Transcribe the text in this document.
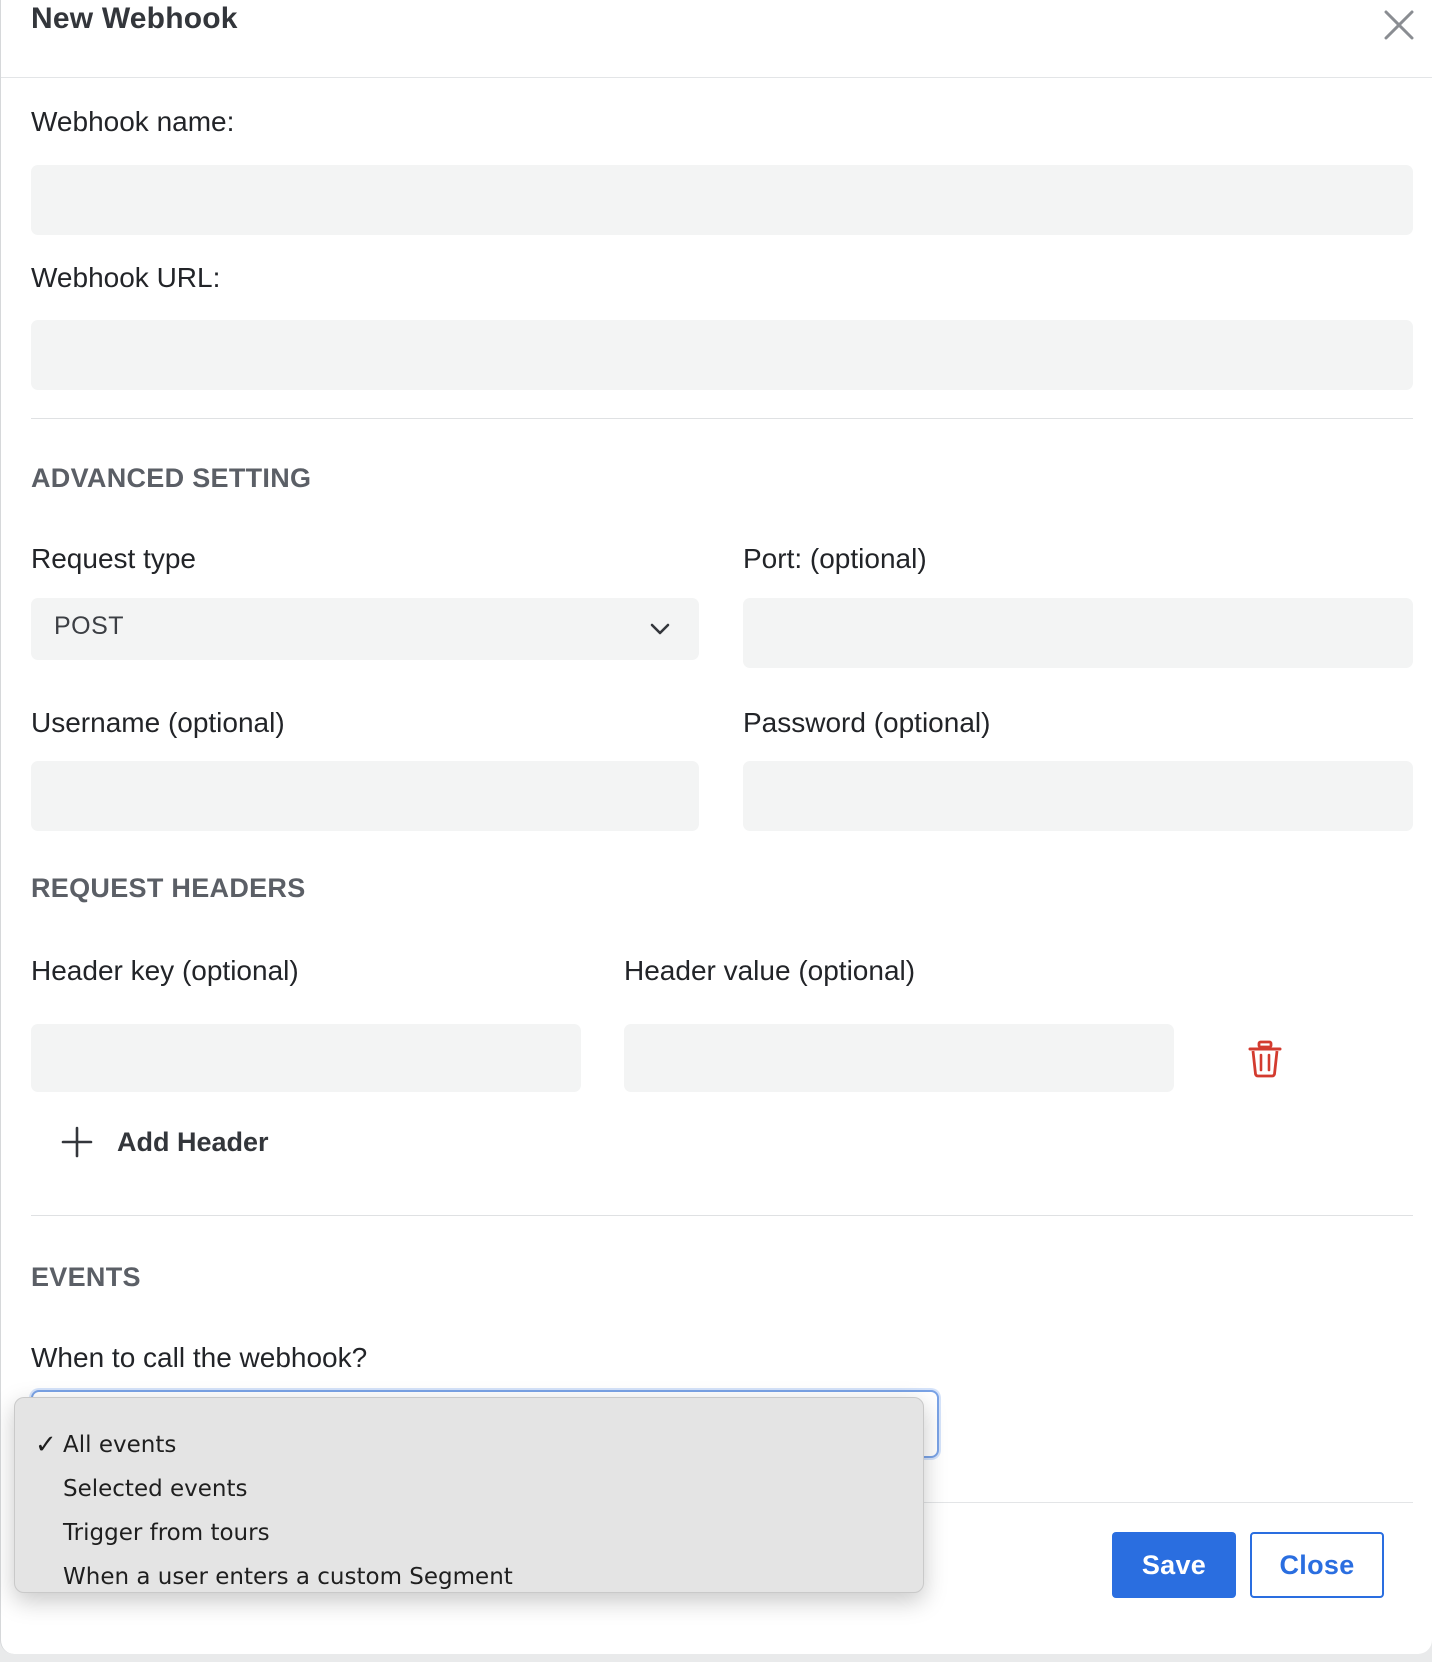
New Webhook
Webhook name:
Webhook URL:
ADVANCED SETTING
Request type
POST
Port: (optional)
Username (optional)	Password (optional)
REQUEST HEADERS
Header key (optional)	Header value (optional)
Add Header
EVENTS
When to call the webhook?
Save	Close
✓ All events
Selected events
Trigger from tours
When a user enters a custom Segment
